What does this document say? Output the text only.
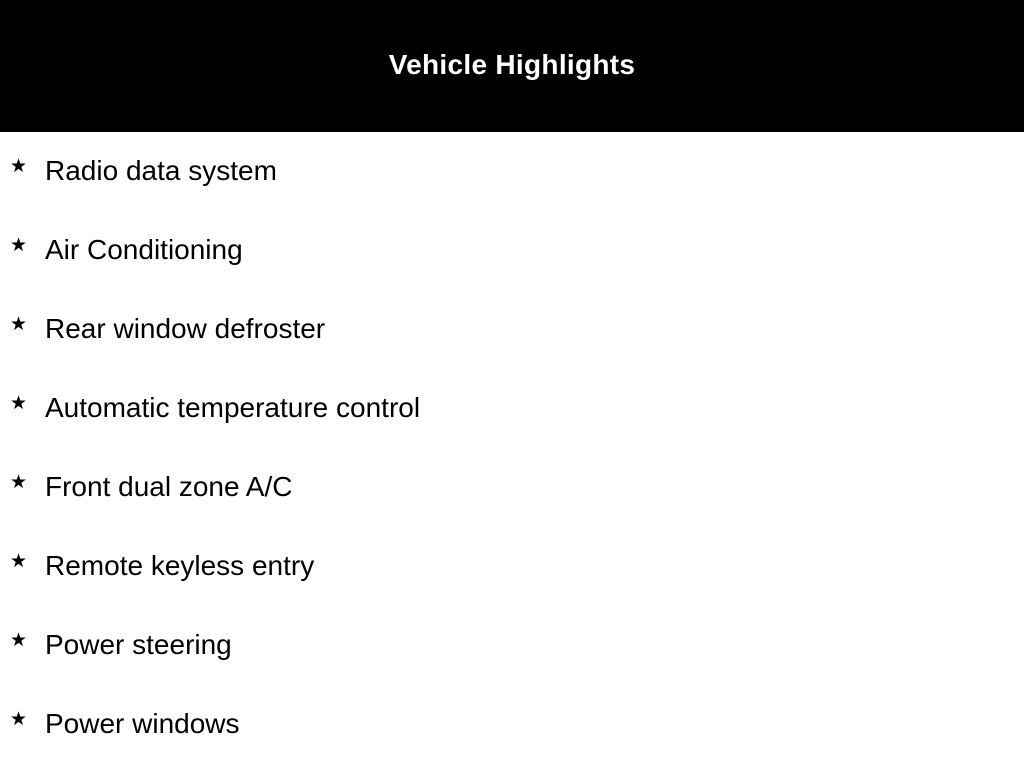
Vehicle Highlights
★ Radio data system
★ Air Conditioning
★ Rear window defroster
★ Automatic temperature control
★ Front dual zone A/C
★ Remote keyless entry
★ Power steering
★ Power windows
